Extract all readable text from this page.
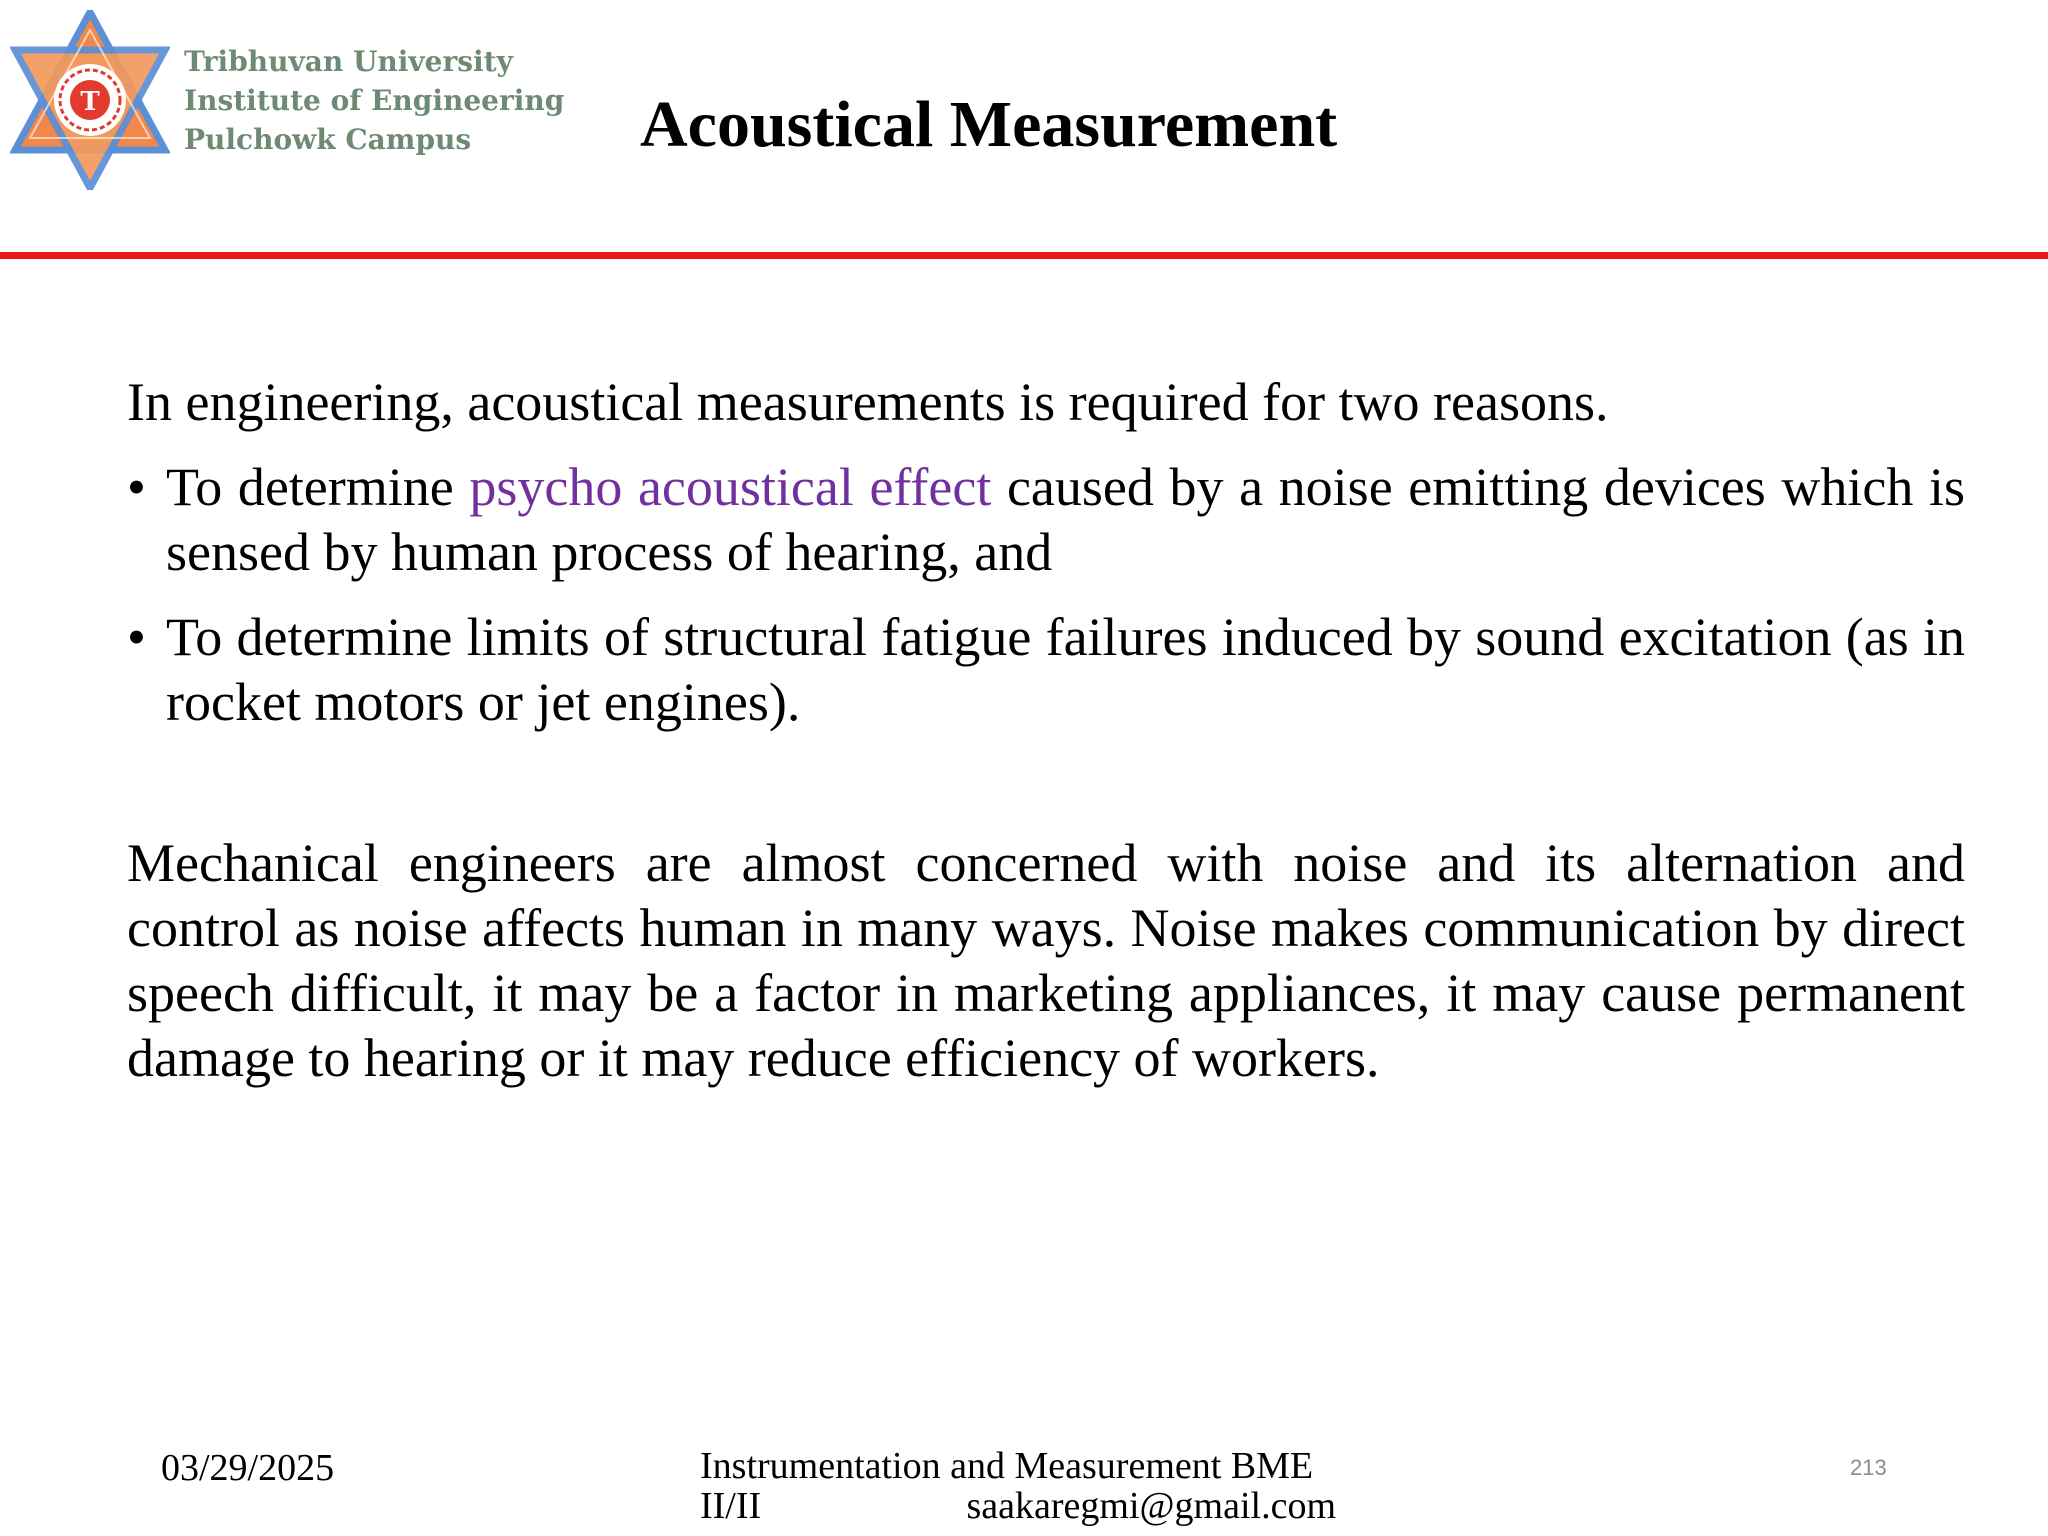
T
Tribhuvan University
Institute of Engineering
Pulchowk Campus	Acoustical Measurement

In engineering, acoustical measurements is required for two reasons.

• To determine psycho acoustical effect caused by a noise emitting devices which is sensed by human process of hearing, and
• To determine limits of structural fatigue failures induced by sound excitation (as in rocket motors or jet engines).

Mechanical engineers are almost concerned with noise and its alternation and control as noise affects human in many ways. Noise makes communication by direct speech difficult, it may be a factor in marketing appliances, it may cause permanent damage to hearing or it may reduce efficiency of workers.

03/29/2025	Instrumentation and Measurement BME
II/II	saakaregmi@gmail.com
213
